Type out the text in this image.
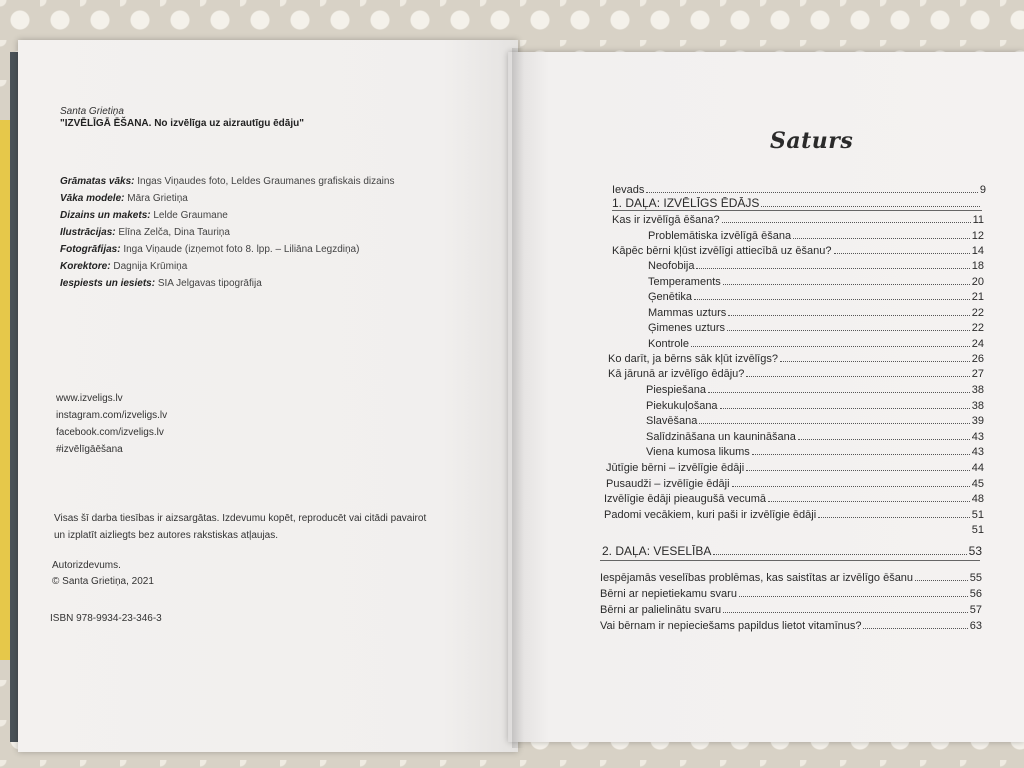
Santa Grietiņa
"IZVĒLĪGĀ ĒŠANA. No izvēlīga uz aizrautīgu ēdāju"
Grāmatas vāks: Ingas Viņaudes foto, Leldes Graumanes grafiskais dizains
Vāka modele: Māra Grietiņa
Dizains un makets: Lelde Graumane
Ilustrācijas: Elīna Zelča, Dina Tauriņa
Fotogrāfijas: Inga Viņaude (izņemot foto 8. lpp. – Liliāna Legzdiņa)
Korektore: Dagnija Krūmiņa
Iespiests un iesiets: SIA Jelgavas tipogrāfija
www.izveligs.lv
instagram.com/izveligs.lv
facebook.com/izveligs.lv
#izvēlīgāēšana
Visas šī darba tiesības ir aizsargātas. Izdevumu kopēt, reproducēt vai citādi pavairot
un izplatīt aizliegts bez autores rakstiskas atļaujas.
Autorizdevums.
© Santa Grietiņa, 2021
ISBN 978-9934-23-346-3
Saturs
Ievads	9
1. DAĻA: IZVĒLĪGS ĒDĀJS
Kas ir izvēlīgā ēšana?	11
Problemātiska izvēlīgā ēšana	12
Kāpēc bērni kļūst izvēlīgi attiecībā uz ēšanu?	14
Neofobija	18
Temperaments	20
Ģenētika	21
Mammas uzturs	22
Ģimenes uzturs	22
Kontrole	24
Ko darīt, ja bērns sāk kļūt izvēlīgs?	26
Kā jārunā ar izvēlīgo ēdāju?	27
Piespiešana	38
Piekukuļošana	38
Slavēšana	39
Salīdzināšana un kaunināšana	43
Viena kumosa likums	43
Jūtīgie bērni – izvēlīgie ēdāji	44
Pusaudži – izvēlīgie ēdāji	45
Izvēlīgie ēdāji pieaugušā vecumā	48
Padomi vecākiem, kuri paši ir izvēlīgie ēdāji	51
51
2. DAĻA: VESELĪBA	53
Iespējamās veselības problēmas, kas saistītas ar izvēlīgo ēšanu	55
Bērni ar nepietiekamu svaru	56
Bērni ar palielinātu svaru	57
Vai bērnam ir nepieciešams papildus lietot vitamīnus?	63
